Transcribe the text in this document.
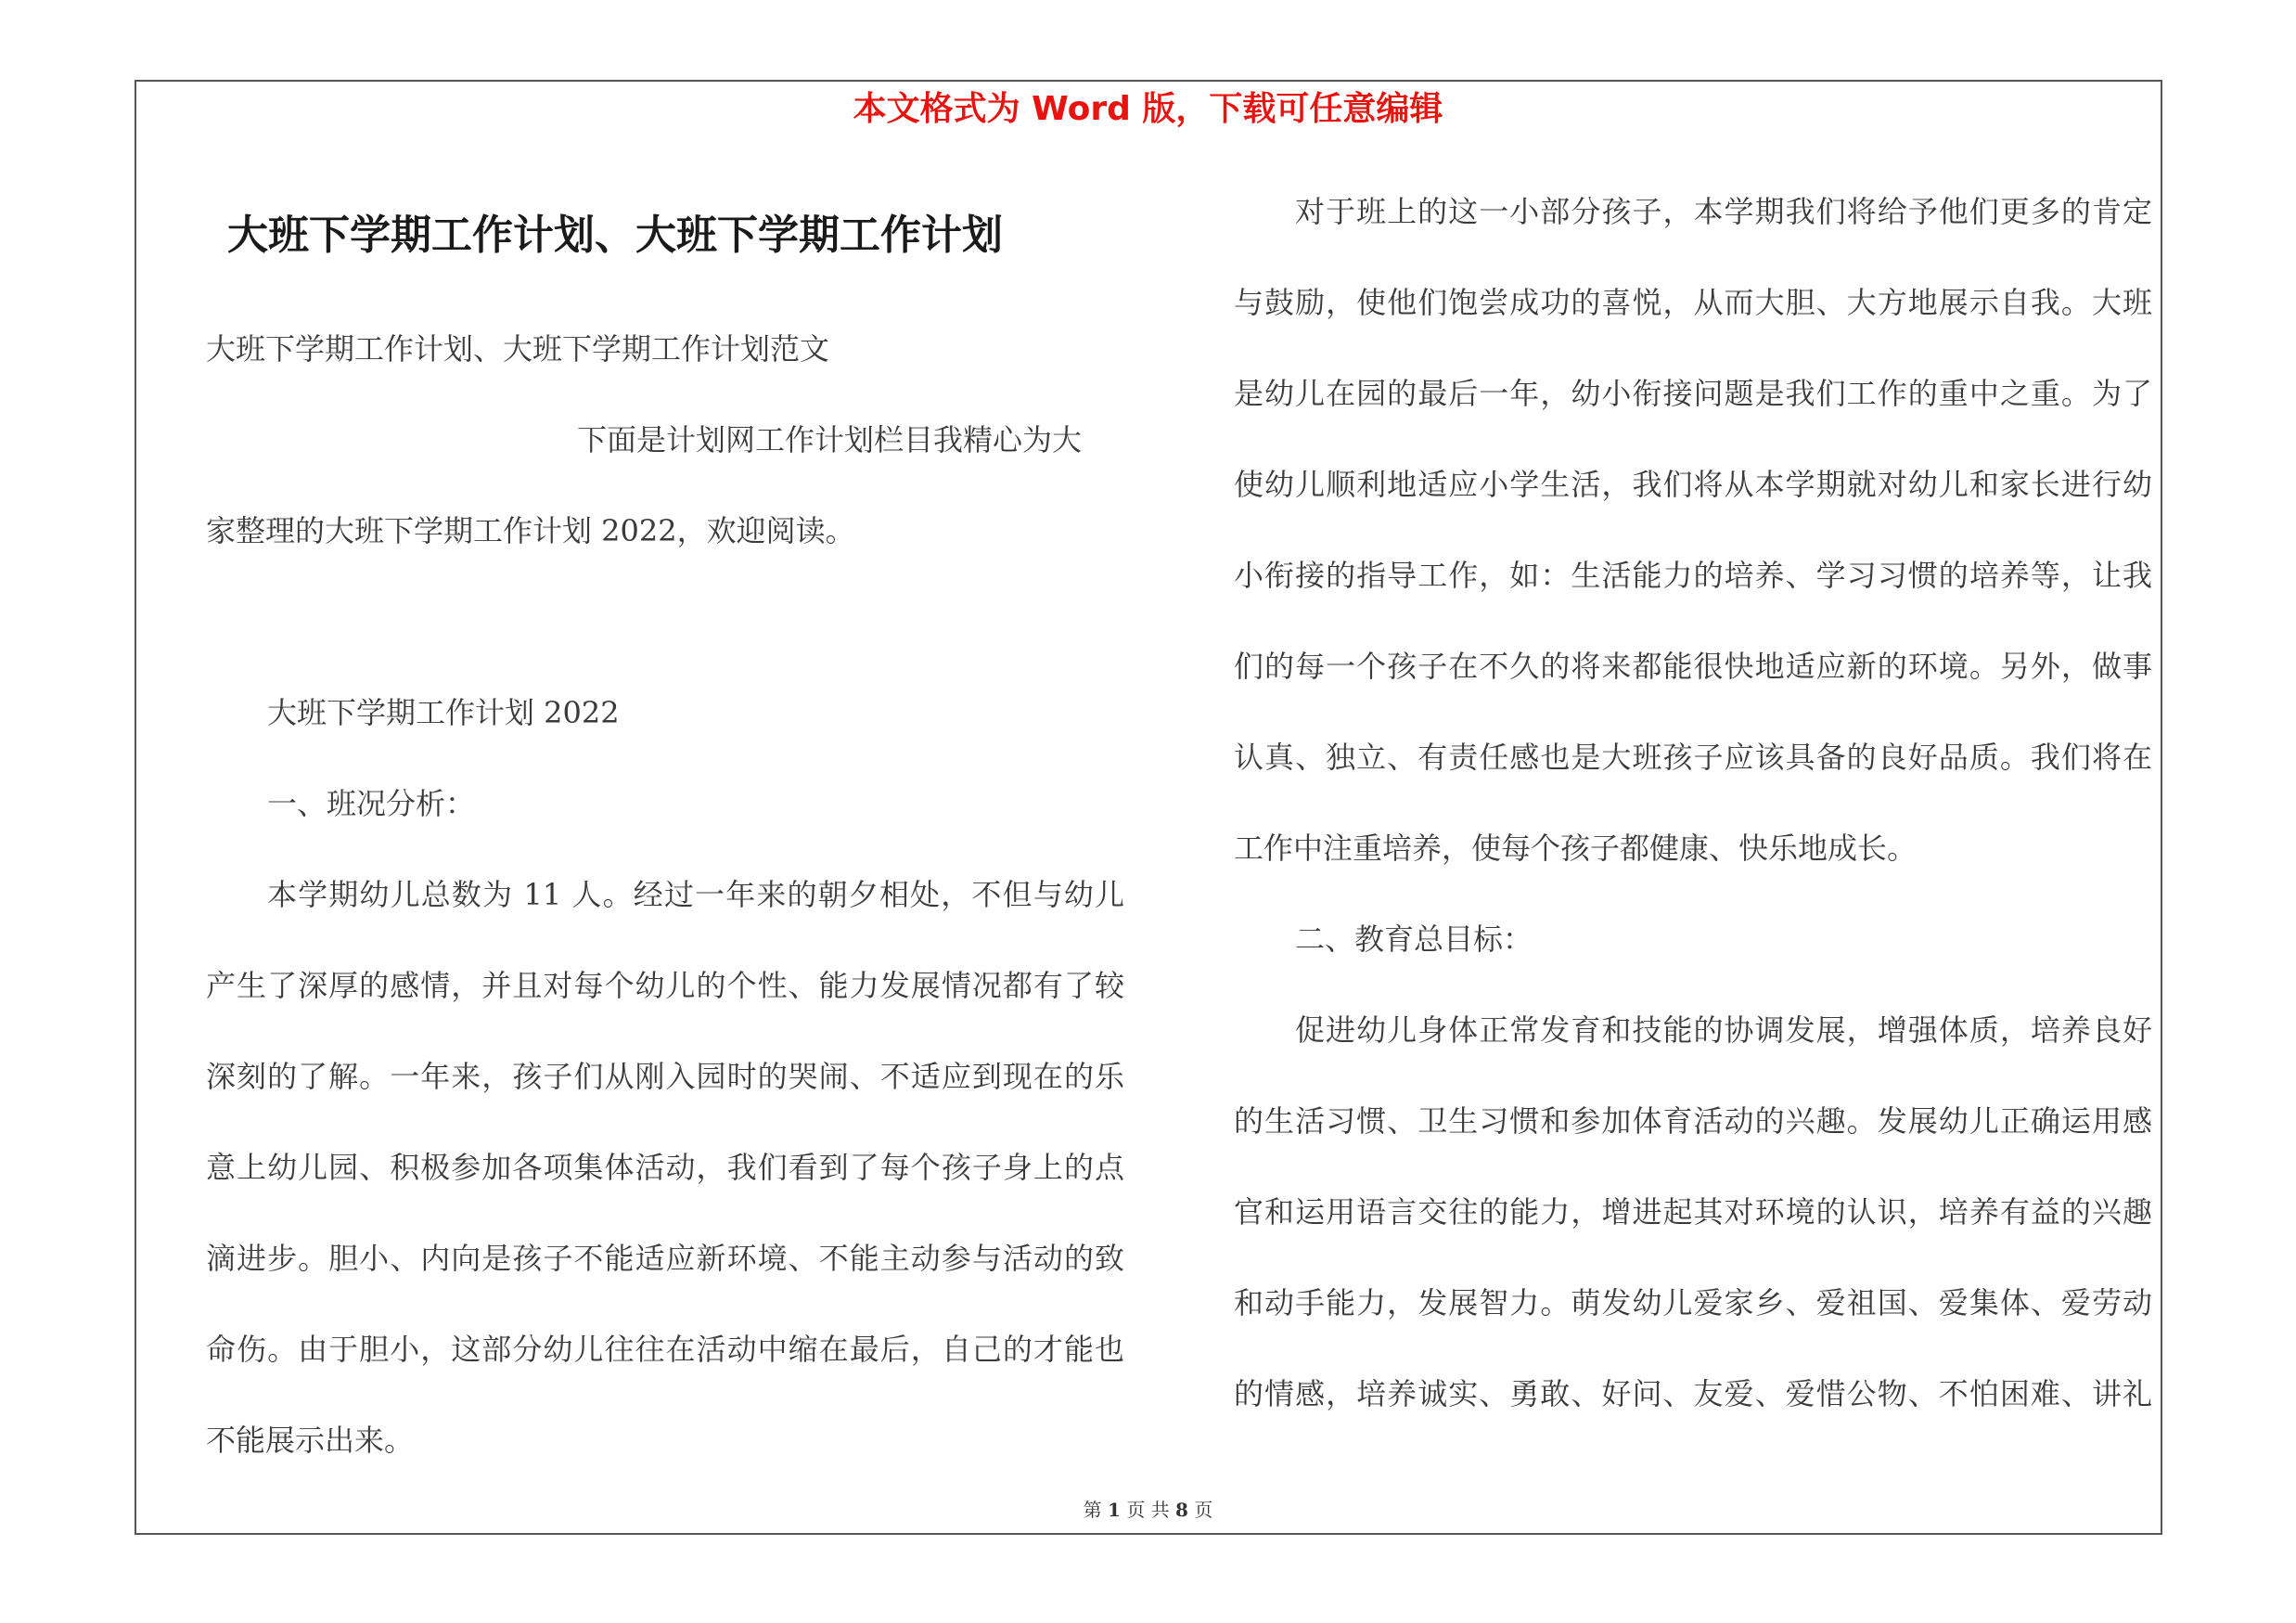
本文格式为 Word 版，下载可任意编辑
大班下学期工作计划、大班下学期工作计划
大班下学期工作计划、大班下学期工作计划范文
下面是计划网工作计划栏目我精心为大
家整理的大班下学期工作计划 2022，欢迎阅读。
大班下学期工作计划 2022
一、班况分析：
本学期幼儿总数为 11 人。经过一年来的朝夕相处，不但与幼儿
产生了深厚的感情，并且对每个幼儿的个性、能力发展情况都有了较
深刻的了解。一年来，孩子们从刚入园时的哭闹、不适应到现在的乐
意上幼儿园、积极参加各项集体活动，我们看到了每个孩子身上的点
滴进步。胆小、内向是孩子不能适应新环境、不能主动参与活动的致
命伤。由于胆小，这部分幼儿往往在活动中缩在最后，自己的才能也
不能展示出来。
对于班上的这一小部分孩子，本学期我们将给予他们更多的肯定
与鼓励，使他们饱尝成功的喜悦，从而大胆、大方地展示自我。大班
是幼儿在园的最后一年，幼小衔接问题是我们工作的重中之重。为了
使幼儿顺利地适应小学生活，我们将从本学期就对幼儿和家长进行幼
小衔接的指导工作，如：生活能力的培养、学习习惯的培养等，让我
们的每一个孩子在不久的将来都能很快地适应新的环境。另外，做事
认真、独立、有责任感也是大班孩子应该具备的良好品质。我们将在
工作中注重培养，使每个孩子都健康、快乐地成长。
二、教育总目标：
促进幼儿身体正常发育和技能的协调发展，增强体质，培养良好
的生活习惯、卫生习惯和参加体育活动的兴趣。发展幼儿正确运用感
官和运用语言交往的能力，增进起其对环境的认识，培养有益的兴趣
和动手能力，发展智力。萌发幼儿爱家乡、爱祖国、爱集体、爱劳动
的情感，培养诚实、勇敢、好问、友爱、爱惜公物、不怕困难、讲礼
第 1 页 共 8 页
